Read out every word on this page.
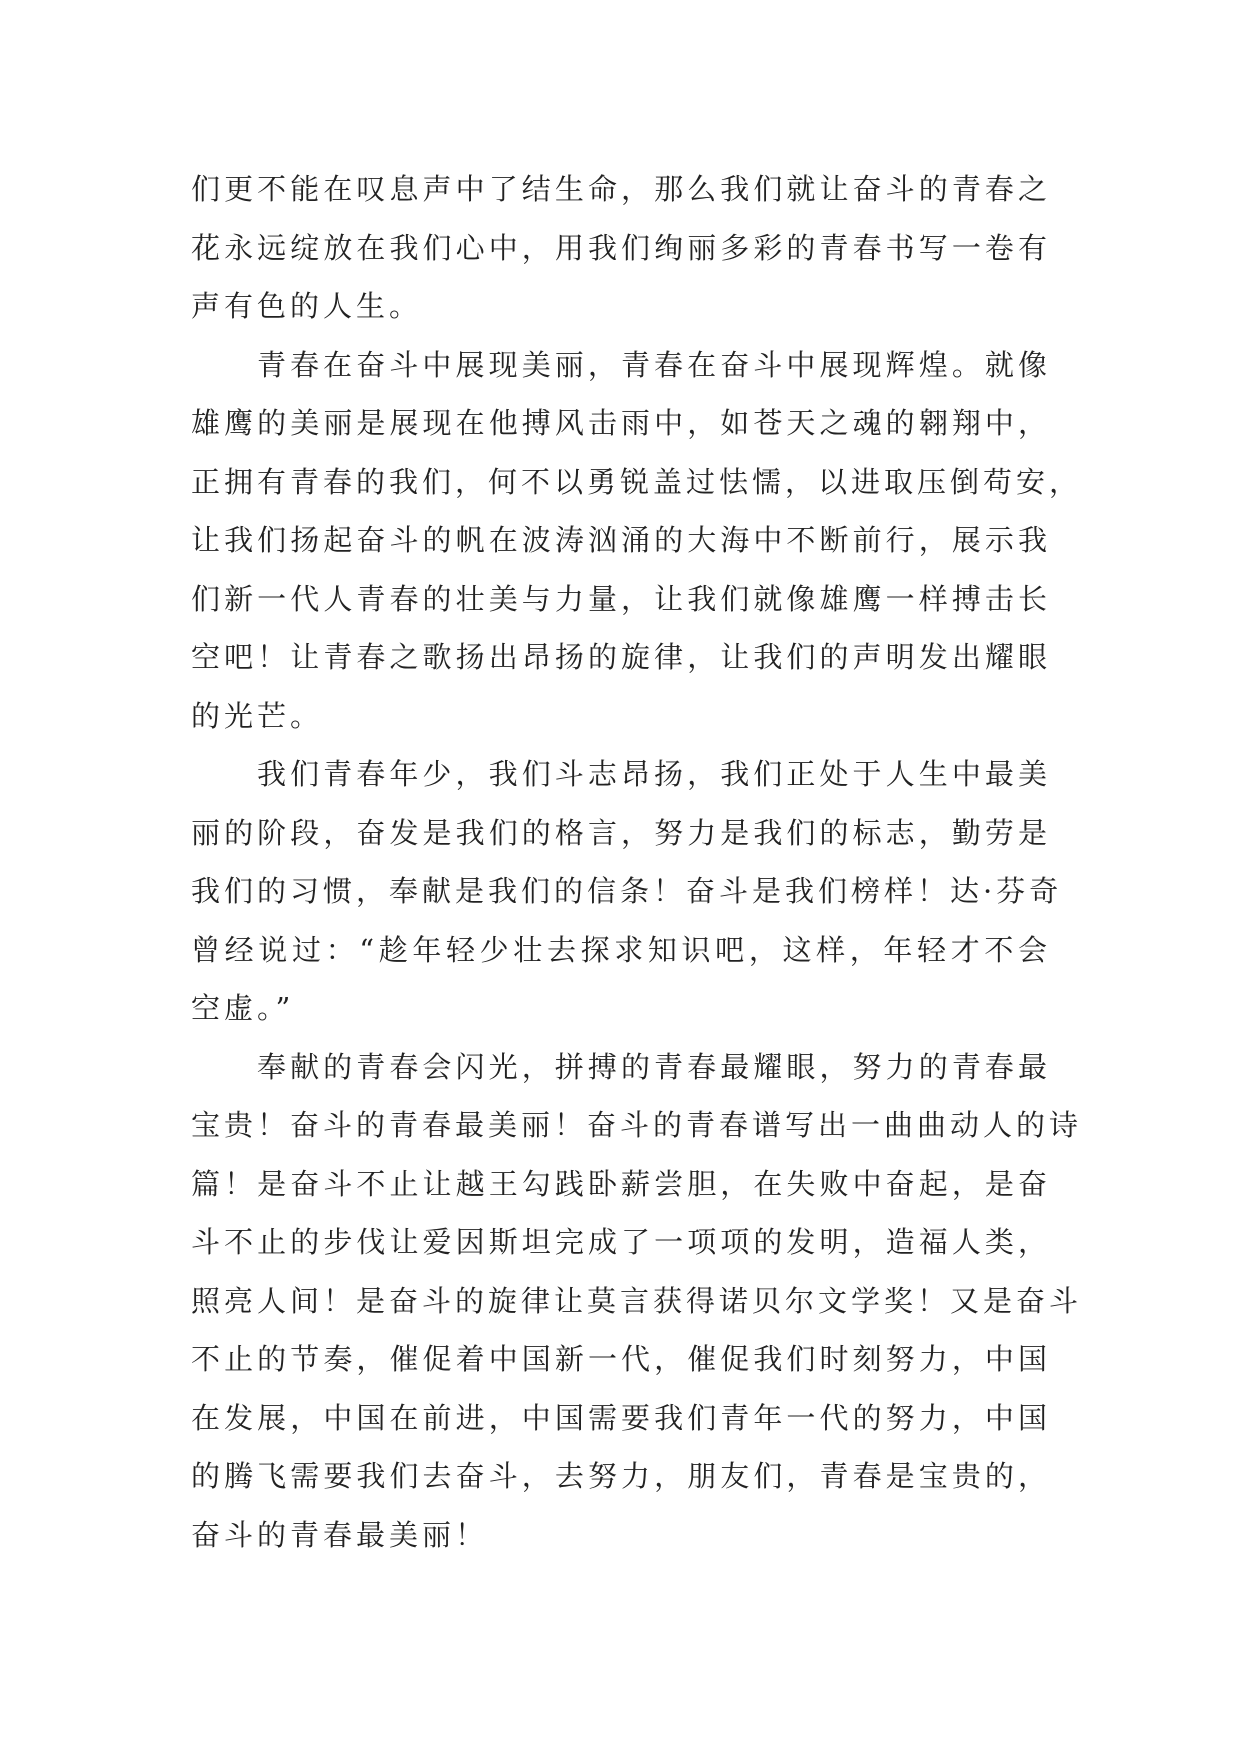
们更不能在叹息声中了结生命，那么我们就让奋斗的青春之
花永远绽放在我们心中，用我们绚丽多彩的青春书写一卷有
声有色的人生。
青春在奋斗中展现美丽，青春在奋斗中展现辉煌。就像
雄鹰的美丽是展现在他搏风击雨中，如苍天之魂的翱翔中，
正拥有青春的我们，何不以勇锐盖过怯懦，以进取压倒苟安，
让我们扬起奋斗的帆在波涛汹涌的大海中不断前行，展示我
们新一代人青春的壮美与力量，让我们就像雄鹰一样搏击长
空吧！让青春之歌扬出昂扬的旋律，让我们的声明发出耀眼
的光芒。
我们青春年少，我们斗志昂扬，我们正处于人生中最美
丽的阶段，奋发是我们的格言，努力是我们的标志，勤劳是
我们的习惯，奉献是我们的信条！奋斗是我们榜样！达·芬奇
曾经说过：“趁年轻少壮去探求知识吧，这样，年轻才不会
空虚。”
奉献的青春会闪光，拼搏的青春最耀眼，努力的青春最
宝贵！奋斗的青春最美丽！奋斗的青春谱写出一曲曲动人的诗
篇！是奋斗不止让越王勾践卧薪尝胆，在失败中奋起，是奋
斗不止的步伐让爱因斯坦完成了一项项的发明，造福人类，
照亮人间！是奋斗的旋律让莫言获得诺贝尔文学奖！又是奋斗
不止的节奏，催促着中国新一代，催促我们时刻努力，中国
在发展，中国在前进，中国需要我们青年一代的努力，中国
的腾飞需要我们去奋斗，去努力，朋友们，青春是宝贵的，
奋斗的青春最美丽！
